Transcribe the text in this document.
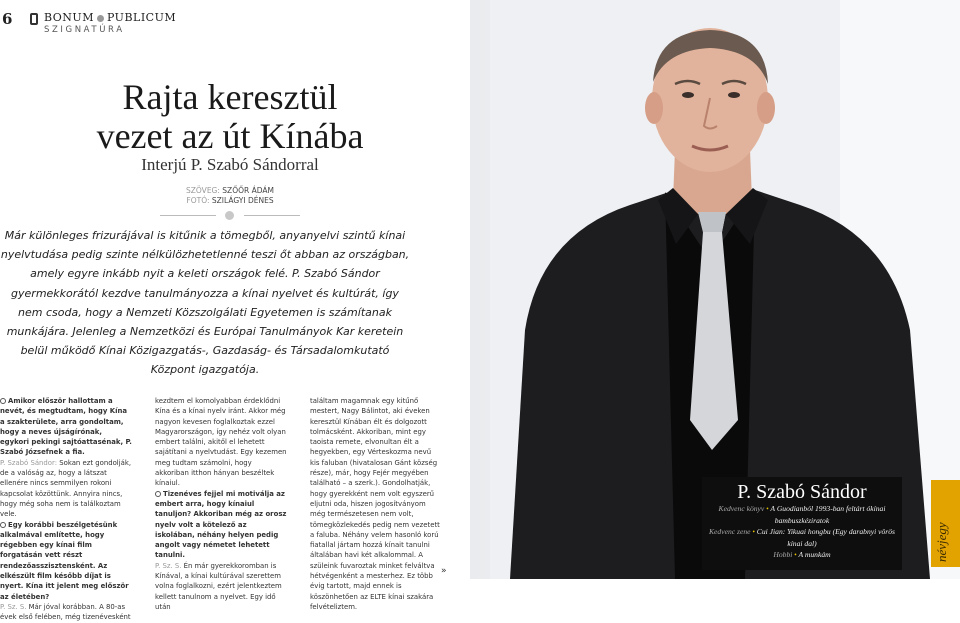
6	BONUM PUBLICUM
SZIGNATÚRA
Rajta keresztül
vezet az út Kínába
Interjú P. Szabó Sándorral
SZÖVEG: SZŐŐR ÁDÁM
FOTÓ: SZILÁGYI DÉNES
Már különleges frizurájával is kitűnik a tömegből, anyanyelvi szintű kínai nyelvtudása pedig szinte nélkülözhetetlenné teszi őt abban az országban, amely egyre inkább nyit a keleti országok felé. P. Szabó Sándor gyermekkorától kezdve tanulmányozza a kínai nyelvet és kultúrát, így nem csoda, hogy a Nemzeti Közszolgálati Egyetemen is számítanak munkájára. Jelenleg a Nemzetközi és Európai Tanulmányok Kar keretein belül működő Kínai Közigazgatás-, Gazdaság- és Társadalomkutató Központ igazgatója.

Amikor először hallottam a nevét, és megtudtam, hogy Kína a szakterülete, arra gondoltam, hogy a neves újságírónak, egykori pekingi sajtóattasénak, P. Szabó Józsefnek a fia.

P. Szabó Sándor: Sokan ezt gondolják, de a valóság az, hogy a látszat ellenére nincs semmilyen rokoni kapcsolat közöttünk. Annyira nincs, hogy még soha nem is találkoztam vele.

Egy korábbi beszélgetésünk alkalmával említette, hogy régebben egy kínai film forgatásán vett részt rendezőasszisztensként. Az elkészült film később díjat is nyert. Kína itt jelent meg először az életében?

P. Sz. S. Már jóval korábban. A 80-as évek első felében, még tizenévesként

kezdtem el komolyabban érdeklődni Kína és a kínai nyelv iránt. Akkor még nagyon kevesen foglalkoztak ezzel Magyarországon, így nehéz volt olyan embert találni, akitől el lehetett sajátítani a nyelvtudást. Egy kezemen meg tudtam számolni, hogy akkoriban itthon hányan beszéltek kínaiul.

Tizenéves fejjel mi motiválja az embert arra, hogy kínaiul tanuljon? Akkoriban még az orosz nyelv volt a kötelező az iskolában, néhány helyen pedig angolt vagy németet lehetett tanulni.

P. Sz. S. Én már gyerekkoromban is Kínával, a kínai kultúrával szerettem volna foglalkozni, ezért jelentkeztem kellett tanulnom a nyelvet. Egy idő után

találtam magamnak egy kitűnő mestert, Nagy Bálintot, aki éveken keresztül Kínában élt és dolgozott tolmácsként. Akkoriban, mint egy taoista remete, elvonultan élt a hegyekben, egy Vérteskozma nevű kis faluban (hivatalosan Gánt község része), már, hogy Fejér megyében található – a szerk.). Gondolhatják, hogy gyerekként nem volt egyszerű eljutni oda, hiszen jogosítványom még természetesen nem volt, tömegközlekedés pedig nem vezetett a faluba. Néhány velem hasonló korú fiatallal jártam hozzá kínait tanulni általában havi két alkalommal. A szüleink fuvaroztak minket felváltva hétvégenként a mesterhez. Ez több évig tartott, majd ennek is köszönhetően az ELTE kínai szakára felvételiztem.

»
P. Szabó Sándor
Kedvenc könyv • A Guodianból 1993-ban feltárt ókínai bambuszkéziratok
Kedvenc zene • Cui Jian: Yikuai hongbu (Egy darabnyi vörös kínai dal)
Hobbi • A munkám	névjegy
